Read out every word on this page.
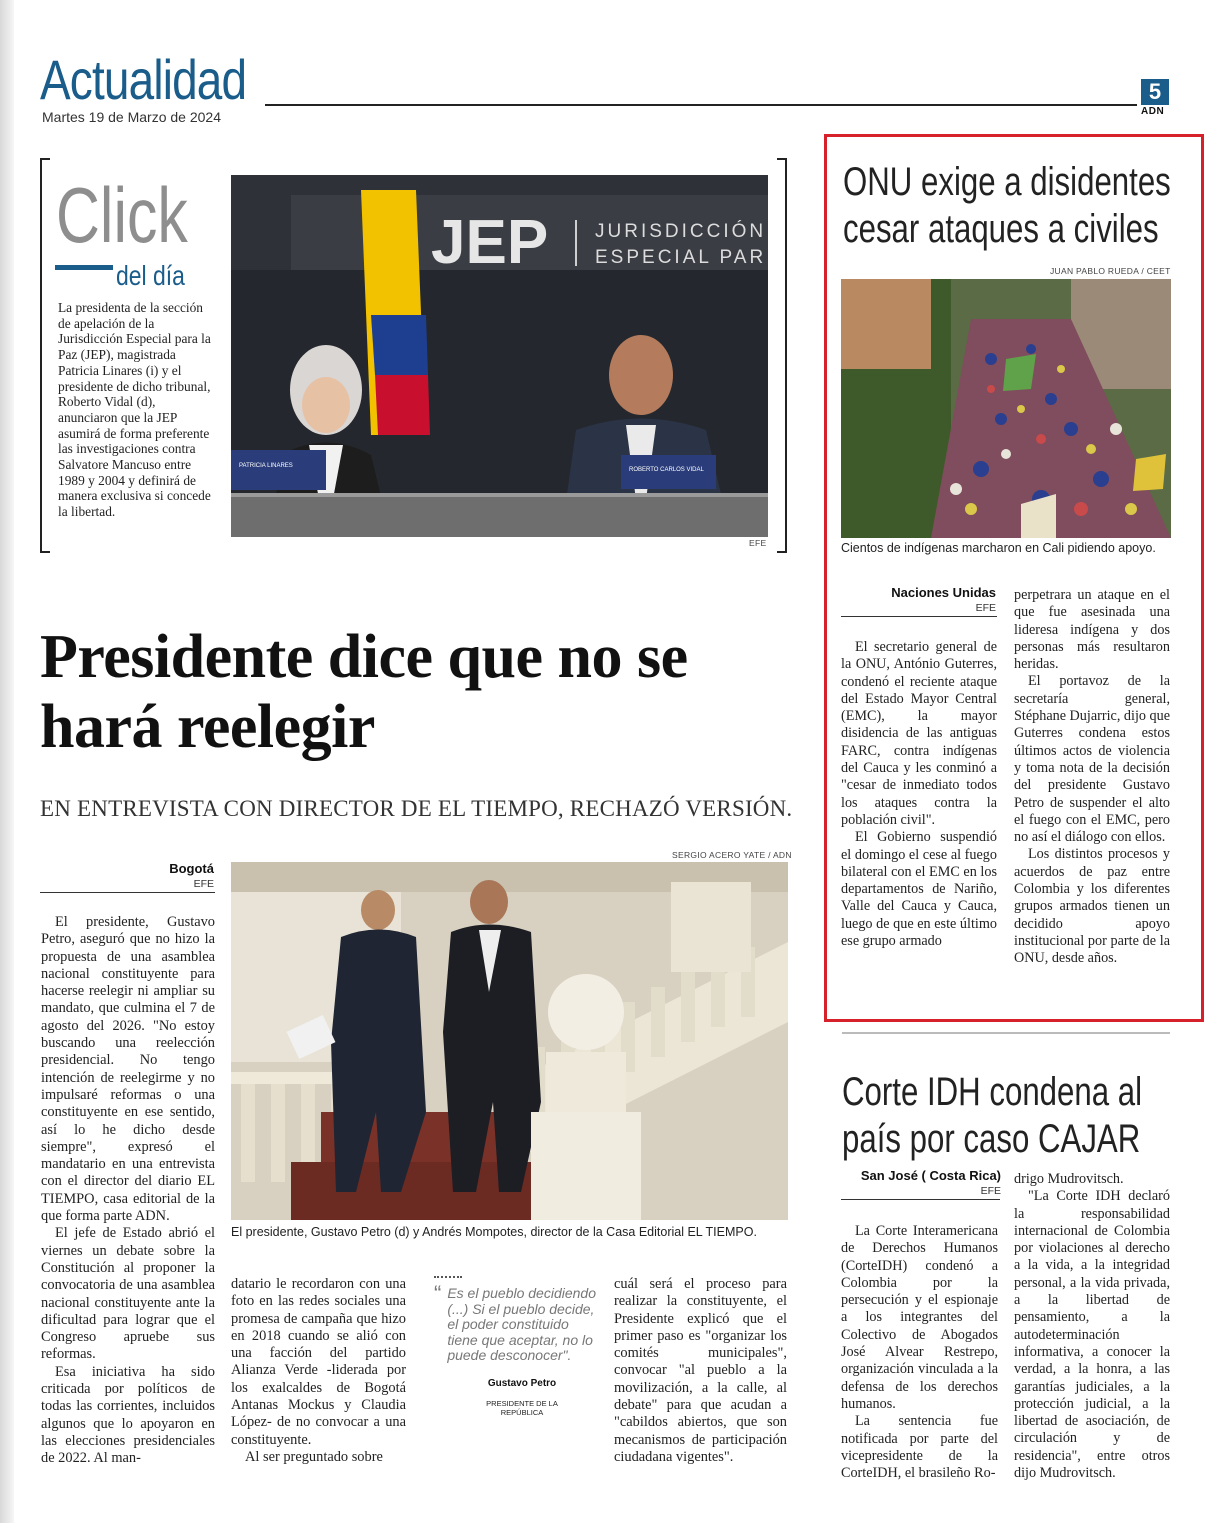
Actualidad
Martes 19 de Marzo de 2024
5
ADN
Click
del día
La presidenta de la sección de apelación de la Jurisdicción Especial para la Paz (JEP), magistrada Patricia Linares (i) y el presidente de dicho tribunal, Roberto Vidal (d), anunciaron que la JEP asumirá de forma preferente las investigaciones contra Salvatore Mancuso entre 1989 y 2004 y definirá de manera exclusiva si concede la libertad.
JEP JURISDICCIÓN
ESPECIAL PAR
PATRICIA LINARES
ROBERTO CARLOS VIDAL
EFE
Presidente dice que no se hará reelegir
EN ENTREVISTA CON DIRECTOR DE EL TIEMPO, RECHAZÓ VERSIÓN.
Bogotá
EFE

El presidente, Gustavo Petro, aseguró que no hizo la propuesta de una asamblea nacional constituyente para hacerse reelegir ni ampliar su mandato, que culmina el 7 de agosto del 2026. "No estoy buscando una reelección presidencial. No tengo intención de reelegirme y no impulsaré reformas o una constituyente en ese sentido, así lo he dicho desde siempre", expresó el mandatario en una entrevista con el director del diario EL TIEMPO, casa editorial de la que forma parte ADN.

El jefe de Estado abrió el viernes un debate sobre la Constitución al proponer la convocatoria de una asamblea nacional constituyente ante la dificultad para lograr que el Congreso apruebe sus reformas.

Esa iniciativa ha sido criticada por políticos de todas las corrientes, incluidos algunos que lo apoyaron en las elecciones presidenciales de 2022. Al man-

SERGIO ACERO YATE / ADN
El presidente, Gustavo Petro (d) y Andrés Mompotes, director de la Casa Editorial EL TIEMPO.

datario le recordaron con una foto en las redes sociales una promesa de campaña que hizo en 2018 cuando se alió con una facción del partido Alianza Verde -liderada por los exalcaldes de Bogotá Antanas Mockus y Claudia López- de no convocar a una constituyente.

Al ser preguntado sobre

“ Es el pueblo decidiendo (...) Si el pueblo decide, el poder constituido tiene que aceptar, no lo puede desconocer".
Gustavo Petro
PRESIDENTE DE LA REPÚBLICA

cuál será el proceso para realizar la constituyente, el Presidente explicó que el primer paso es "organizar los comités municipales", convocar "al pueblo a la movilización, a la calle, al debate" para que acudan a "cabildos abiertos, que son mecanismos de participación ciudadana vigentes".

ONU exige a disidentes
cesar ataques a civiles
JUAN PABLO RUEDA / CEET
Cientos de indígenas marcharon en Cali pidiendo apoyo.
Naciones Unidas
EFE

El secretario general de la ONU, António Guterres, condenó el reciente ataque del Estado Mayor Central (EMC), la mayor disidencia de las antiguas FARC, contra indígenas del Cauca y les conminó a "cesar de inmediato todos los ataques contra la población civil".

El Gobierno suspendió el domingo el cese al fuego bilateral con el EMC en los departamentos de Nariño, Valle del Cauca y Cauca, luego de que en este último ese grupo armado

perpetrara un ataque en el que fue asesinada una lideresa indígena y dos personas más resultaron heridas.

El portavoz de la secretaría general, Stéphane Dujarric, dijo que Guterres condena estos últimos actos de violencia y toma nota de la decisión del presidente Gustavo Petro de suspender el alto el fuego con el EMC, pero no así el diálogo con ellos.

Los distintos procesos y acuerdos de paz entre Colombia y los diferentes grupos armados tienen un decidido apoyo institucional por parte de la ONU, desde años.

Corte IDH condena al
país por caso CAJAR
San José ( Costa Rica)
EFE

La Corte Interamericana de Derechos Humanos (CorteIDH) condenó a Colombia por la persecución y el espionaje a los integrantes del Colectivo de Abogados José Alvear Restrepo, organización vinculada a la defensa de los derechos humanos.

La sentencia fue notificada por parte del vicepresidente de la CorteIDH, el brasileño Ro-

drigo Mudrovitsch.

"La Corte IDH declaró la responsabilidad internacional de Colombia por violaciones al derecho a la vida, a la integridad personal, a la vida privada, a la libertad de pensamiento, a la autodeterminación informativa, a conocer la verdad, a la honra, a las garantías judiciales, a la protección judicial, a la libertad de asociación, de circulación y de residencia", entre otros dijo Mudrovitsch.
